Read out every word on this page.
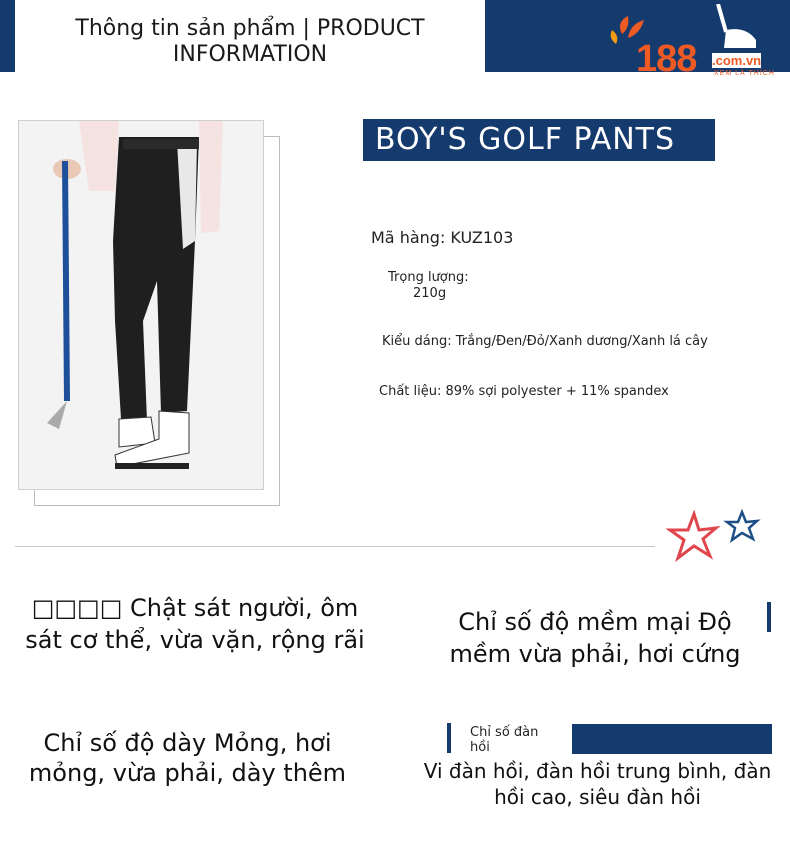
Thông tin sản phẩm | PRODUCT INFORMATION	188 .com.vn
XEM LÀ THÍCH
BOY'S GOLF PANTS
Mã hàng: KUZ103
Trọng lượng:
210g
Kiểu dáng: Trắng/Đen/Đỏ/Xanh dương/Xanh lá cây
Chất liệu: 89% sợi polyester + 11% spandex
□□□□ Chật sát người, ôm sát cơ thể, vừa vặn, rộng rãi
Chỉ số độ mềm mại Độ mềm vừa phải, hơi cứng
Chỉ số độ dày Mỏng, hơi mỏng, vừa phải, dày thêm
Chỉ số đàn hồi
Vi đàn hồi, đàn hồi trung bình, đàn hồi cao, siêu đàn hồi
